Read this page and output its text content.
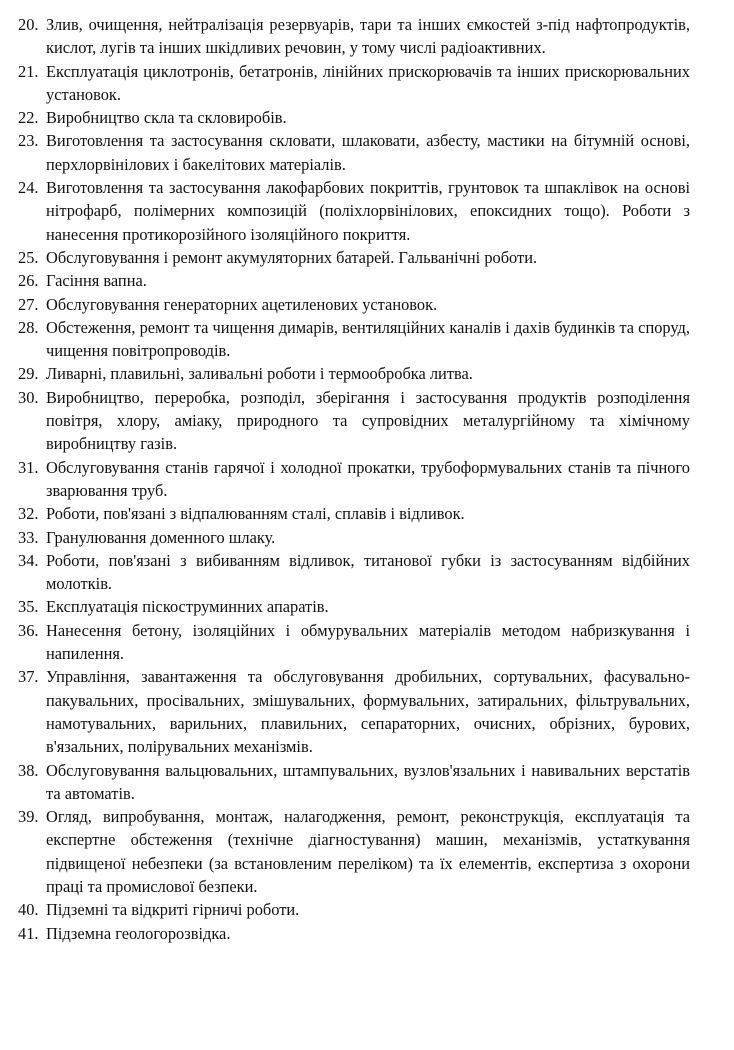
20. Злив, очищення, нейтралізація резервуарів, тари та інших ємкостей з-під нафтопродуктів, кислот, лугів та інших шкідливих речовин, у тому числі радіоактивних.
21. Експлуатація циклотронів, бетатронів, лінійних прискорювачів та інших прискорювальних установок.
22. Виробництво скла та скловиробів.
23. Виготовлення та застосування скловати, шлаковати, азбесту, мастики на бітумній основі, перхлорвінілових і бакелітових матеріалів.
24. Виготовлення та застосування лакофарбових покриттів, грунтовок та шпаклівок на основі нітрофарб, полімерних композицій (поліхлорвінілових, епоксидних тощо). Роботи з нанесення протикорозійного ізоляційного покриття.
25. Обслуговування і ремонт акумуляторних батарей. Гальванічні роботи.
26. Гасіння вапна.
27. Обслуговування генераторних ацетиленових установок.
28. Обстеження, ремонт та чищення димарів, вентиляційних каналів і дахів будинків та споруд, чищення повітропроводів.
29. Ливарні, плавильні, заливальні роботи і термообробка литва.
30. Виробництво, переробка, розподіл, зберігання і застосування продуктів розподілення повітря, хлору, аміаку, природного та супровідних металургійному та хімічному виробництву газів.
31. Обслуговування станів гарячої і холодної прокатки, трубоформувальних станів та пічного зварювання труб.
32. Роботи, пов'язані з відпалюванням сталі, сплавів і відливок.
33. Гранулювання доменного шлаку.
34. Роботи, пов'язані з вибиванням відливок, титанової губки із застосуванням відбійних молотків.
35. Експлуатація піскоструминних апаратів.
36. Нанесення бетону, ізоляційних і обмурувальних матеріалів методом набризкування і напилення.
37. Управління, завантаження та обслуговування дробильних, сортувальних, фасувально-пакувальних, просівальних, змішувальних, формувальних, затиральних, фільтрувальних, намотувальних, варильних, плавильних, сепараторних, очисних, обрізних, бурових, в'язальних, полірувальних механізмів.
38. Обслуговування вальцювальних, штампувальних, вузлов'язальних і навивальних верстатів та автоматів.
39. Огляд, випробування, монтаж, налагодження, ремонт, реконструкція, експлуатація та експертне обстеження (технічне діагностування) машин, механізмів, устаткування підвищеної небезпеки (за встановленим переліком) та їх елементів, експертиза з охорони праці та промислової безпеки.
40. Підземні та відкриті гірничі роботи.
41. Підземна геологорозвідка.
